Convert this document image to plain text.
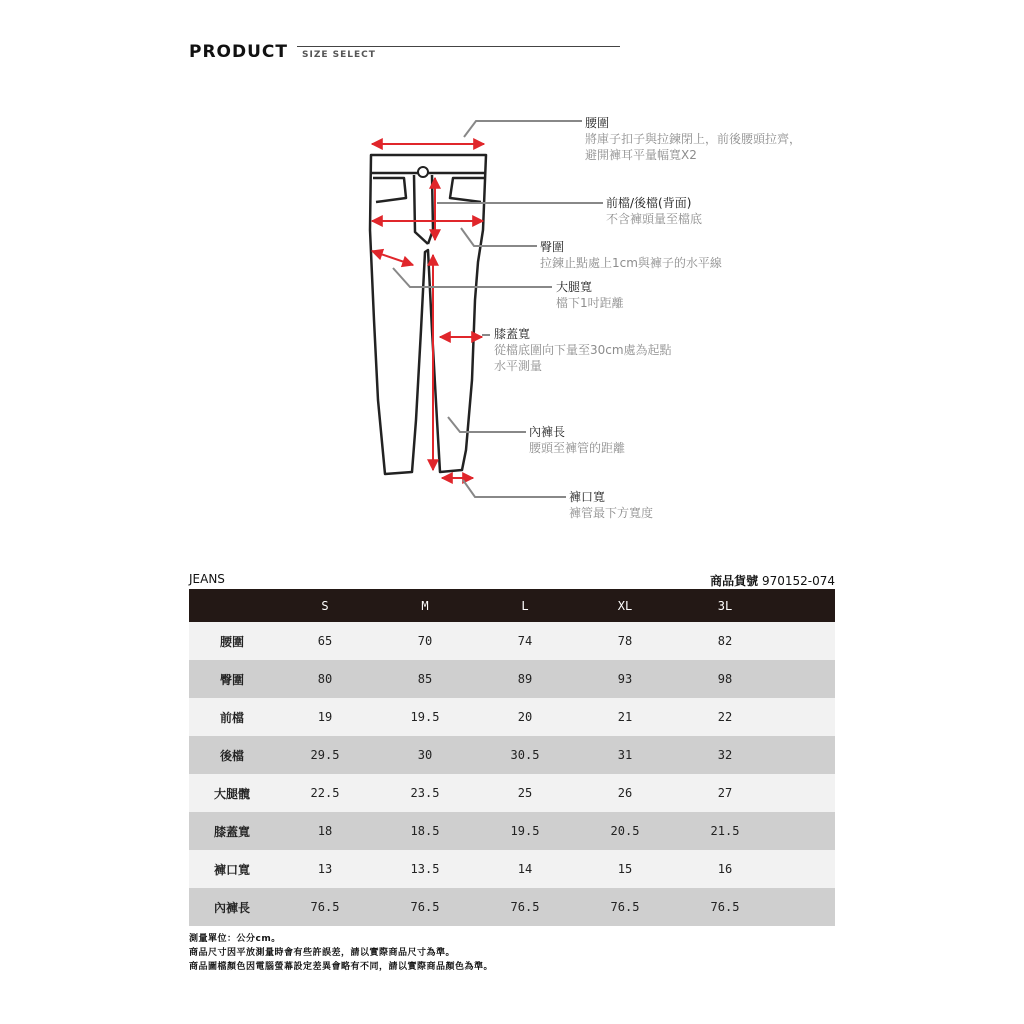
PRODUCT SIZE SELECT
腰圍
將庫子扣子與拉鍊閉上，前後腰頭拉齊，
避開褲耳平量幅寬X2
前檔/後檔(背面)
不含褲頭量至檔底
臀圍
拉鍊止點處上1cm與褲子的水平線
大腿寬
檔下1吋距離
膝蓋寬
從檔底圍向下量至30cm處為起點
水平測量
內褲長
腰頭至褲管的距離
褲口寬
褲管最下方寬度
JEANS	商品貨號 970152-074
	S	M	L	XL	3L	
腰圍	65	70	74	78	82	
臀圍	80	85	89	93	98	
前檔	19	19.5	20	21	22	
後檔	29.5	30	30.5	31	32	
大腿髖	22.5	23.5	25	26	27	
膝蓋寬	18	18.5	19.5	20.5	21.5	
褲口寬	13	13.5	14	15	16	
內褲長	76.5	76.5	76.5	76.5	76.5	
測量單位：公分cm。
商品尺寸因平放測量時會有些許誤差，請以實際商品尺寸為準。
商品圖檔顏色因電腦螢幕設定差異會略有不同，請以實際商品顏色為準。
